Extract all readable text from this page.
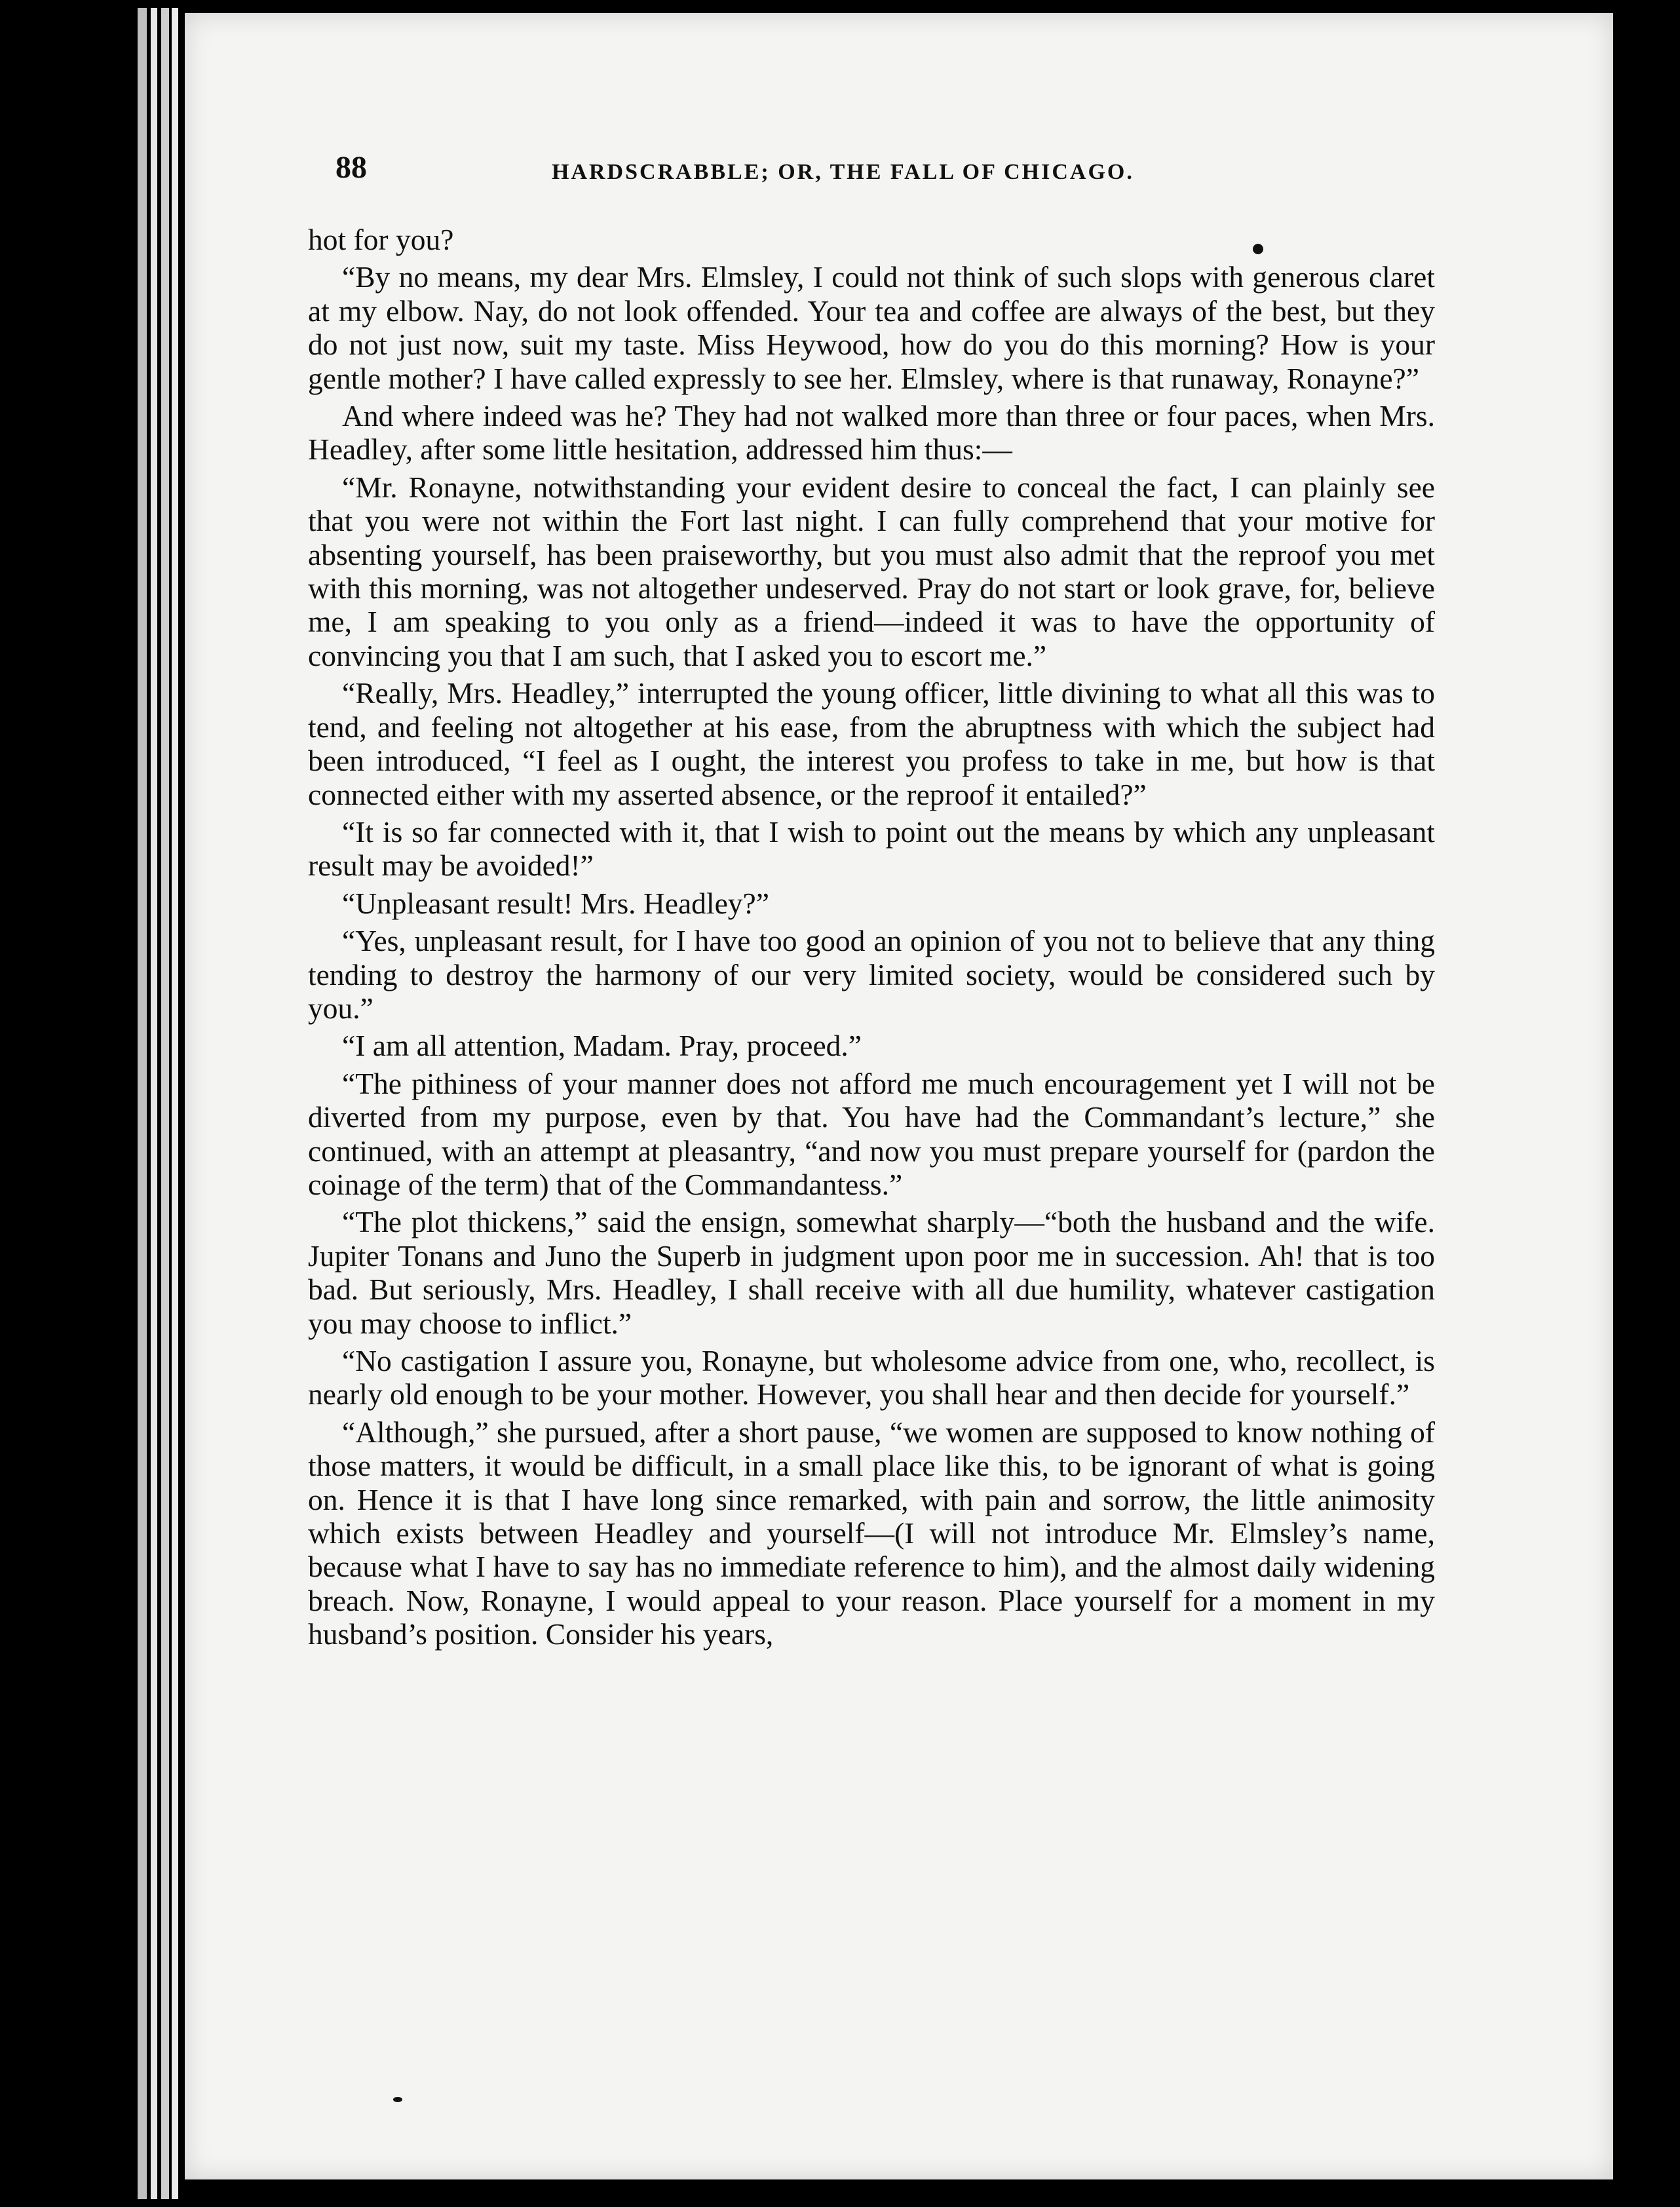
88	HARDSCRABBLE; OR, THE FALL OF CHICAGO.

hot for you?

“By no means, my dear Mrs. Elmsley, I could not think of such slops with generous claret at my elbow. Nay, do not look offended. Your tea and coffee are always of the best, but they do not just now, suit my taste. Miss Heywood, how do you do this morning? How is your gentle mother? I have called expressly to see her. Elmsley, where is that runaway, Ronayne?”

And where indeed was he? They had not walked more than three or four paces, when Mrs. Headley, after some little hesitation, addressed him thus:—

“Mr. Ronayne, notwithstanding your evident desire to conceal the fact, I can plainly see that you were not within the Fort last night. I can fully comprehend that your motive for absenting yourself, has been praiseworthy, but you must also admit that the reproof you met with this morning, was not altogether undeserved. Pray do not start or look grave, for, believe me, I am speaking to you only as a friend—indeed it was to have the opportunity of convincing you that I am such, that I asked you to escort me.”

“Really, Mrs. Headley,” interrupted the young officer, little divining to what all this was to tend, and feeling not altogether at his ease, from the abruptness with which the subject had been introduced, “I feel as I ought, the interest you profess to take in me, but how is that connected either with my asserted absence, or the reproof it entailed?”

“It is so far connected with it, that I wish to point out the means by which any unpleasant result may be avoided!”

“Unpleasant result! Mrs. Headley?”

“Yes, unpleasant result, for I have too good an opinion of you not to believe that any thing tending to destroy the harmony of our very limited society, would be considered such by you.”

“I am all attention, Madam. Pray, proceed.”

“The pithiness of your manner does not afford me much encouragement yet I will not be diverted from my purpose, even by that. You have had the Commandant’s lecture,” she continued, with an attempt at pleasantry, “and now you must prepare yourself for (pardon the coinage of the term) that of the Commandantess.”

“The plot thickens,” said the ensign, somewhat sharply—“both the husband and the wife. Jupiter Tonans and Juno the Superb in judgment upon poor me in succession. Ah! that is too bad. But seriously, Mrs. Headley, I shall receive with all due humility, whatever castigation you may choose to inflict.”

“No castigation I assure you, Ronayne, but wholesome advice from one, who, recollect, is nearly old enough to be your mother. However, you shall hear and then decide for yourself.”

“Although,” she pursued, after a short pause, “we women are supposed to know nothing of those matters, it would be difficult, in a small place like this, to be ignorant of what is going on. Hence it is that I have long since remarked, with pain and sorrow, the little animosity which exists between Headley and yourself—(I will not introduce Mr. Elmsley’s name, because what I have to say has no immediate reference to him), and the almost daily widening breach. Now, Ronayne, I would appeal to your reason. Place yourself for a moment in my husband’s position. Consider his years,
